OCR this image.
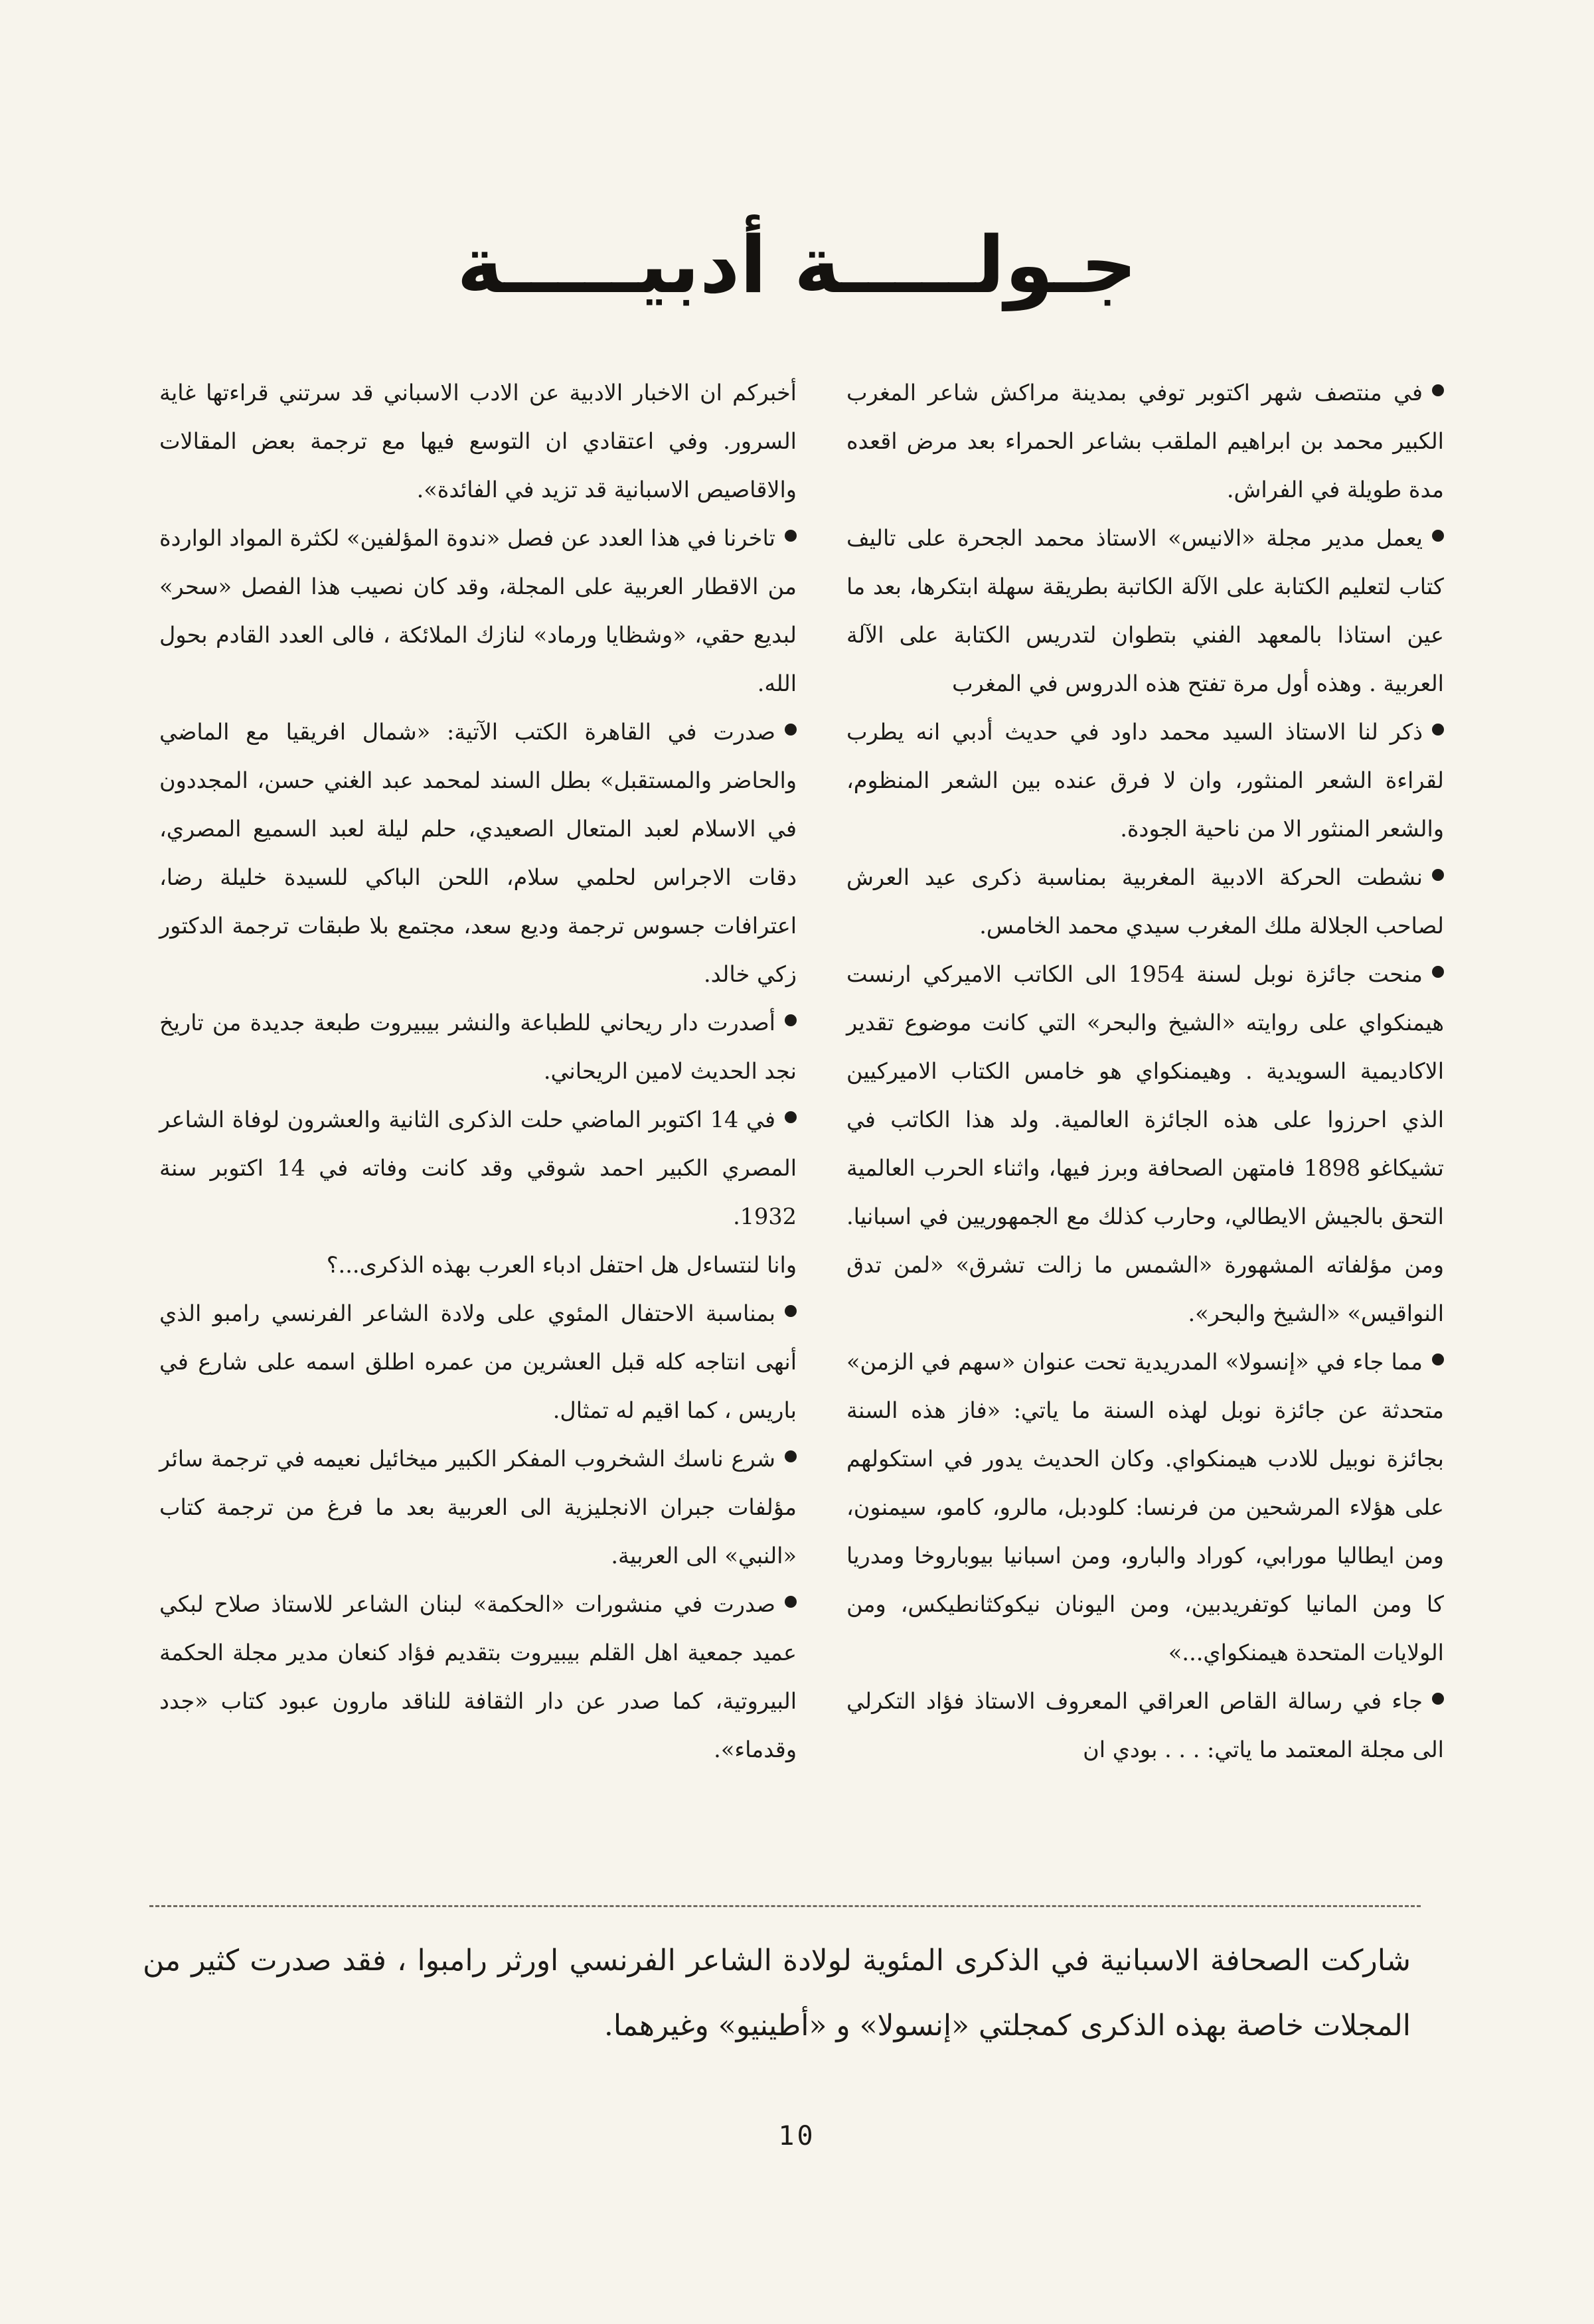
جـولـــــة أدبيـــــة

في منتصف شهر اكتوبر توفي بمدينة مراكش شاعر المغرب الكبير محمد بن ابراهيم الملقب بشاعر الحمراء بعد مرض اقعده مدة طويلة في الفراش.

يعمل مدير مجلة «الانيس» الاستاذ محمد الجحرة على تاليف كتاب لتعليم الكتابة على الآلة الكاتبة بطريقة سهلة ابتكرها، بعد ما عين استاذا بالمعهد الفني بتطوان لتدريس الكتابة على الآلة العربية . وهذه أول مرة تفتح هذه الدروس في المغرب

ذكر لنا الاستاذ السيد محمد داود في حديث أدبي انه يطرب لقراءة الشعر المنثور، وان لا فرق عنده بين الشعر المنظوم، والشعر المنثور الا من ناحية الجودة.

نشطت الحركة الادبية المغربية بمناسبة ذكرى عيد العرش لصاحب الجلالة ملك المغرب سيدي محمد الخامس.

منحت جائزة نوبل لسنة 1954 الى الكاتب الاميركي ارنست هيمنكواي على روايته «الشيخ والبحر» التي كانت موضوع تقدير الاكاديمية السويدية . وهيمنكواي هو خامس الكتاب الاميركيين الذي احرزوا على هذه الجائزة العالمية. ولد هذا الكاتب في تشيكاغو 1898 فامتهن الصحافة وبرز فيها، واثناء الحرب العالمية التحق بالجيش الايطالي، وحارب كذلك مع الجمهوريين في اسبانيا. ومن مؤلفاته المشهورة «الشمس ما زالت تشرق» «لمن تدق النواقيس» «الشيخ والبحر».

مما جاء في «إنسولا» المدريدية تحت عنوان «سهم في الزمن» متحدثة عن جائزة نوبل لهذه السنة ما ياتي: «فاز هذه السنة بجائزة نوبيل للادب هيمنكواي. وكان الحديث يدور في استكولهم على هؤلاء المرشحين من فرنسا: كلودبل، مالرو، كامو، سيمنون، ومن ايطاليا مورابي، كوراد والبارو، ومن اسبانيا بيوباروخا ومدريا كا ومن المانيا كوتفريدبين، ومن اليونان نيكوكثانطيكس، ومن الولايات المتحدة هيمنكواي...»

جاء في رسالة القاص العراقي المعروف الاستاذ فؤاد التكرلي الى مجلة المعتمد ما ياتي: . . . بودي ان

أخبركم ان الاخبار الادبية عن الادب الاسباني قد سرتني قراءتها غاية السرور. وفي اعتقادي ان التوسع فيها مع ترجمة بعض المقالات والاقاصيص الاسبانية قد تزيد في الفائدة».

تاخرنا في هذا العدد عن فصل «ندوة المؤلفين» لكثرة المواد الواردة من الاقطار العربية على المجلة، وقد كان نصيب هذا الفصل «سحر» لبديع حقي، «وشظايا ورماد» لنازك الملائكة ، فالى العدد القادم بحول الله.

صدرت في القاهرة الكتب الآتية: «شمال افريقيا مع الماضي والحاضر والمستقبل» بطل السند لمحمد عبد الغني حسن، المجددون في الاسلام لعبد المتعال الصعيدي، حلم ليلة لعبد السميع المصري، دقات الاجراس لحلمي سلام، اللحن الباكي للسيدة خليلة رضا، اعترافات جسوس ترجمة وديع سعد، مجتمع بلا طبقات ترجمة الدكتور زكي خالد.

أصدرت دار ريحاني للطباعة والنشر بيبيروت طبعة جديدة من تاريخ نجد الحديث لامين الريحاني.

في 14 اكتوبر الماضي حلت الذكرى الثانية والعشرون لوفاة الشاعر المصري الكبير احمد شوقي وقد كانت وفاته في 14 اكتوبر سنة 1932.

وانا لنتساءل هل احتفل ادباء العرب بهذه الذكرى...؟

بمناسبة الاحتفال المئوي على ولادة الشاعر الفرنسي رامبو الذي أنهى انتاجه كله قبل العشرين من عمره اطلق اسمه على شارع في باريس ، كما اقيم له تمثال.

شرع ناسك الشخروب المفكر الكبير ميخائيل نعيمه في ترجمة سائر مؤلفات جبران الانجليزية الى العربية بعد ما فرغ من ترجمة كتاب «النبي» الى العربية.

صدرت في منشورات «الحكمة» لبنان الشاعر للاستاذ صلاح لبكي عميد جمعية اهل القلم بيبيروت بتقديم فؤاد كنعان مدير مجلة الحكمة البيروتية، كما صدر عن دار الثقافة للناقد مارون عبود كتاب «جدد وقدماء».

شاركت الصحافة الاسبانية في الذكرى المئوية لولادة الشاعر الفرنسي اورثر رامبوا ، فقد صدرت كثير من المجلات خاصة بهذه الذكرى كمجلتي «إنسولا» و «أطينيو» وغيرهما.

10
